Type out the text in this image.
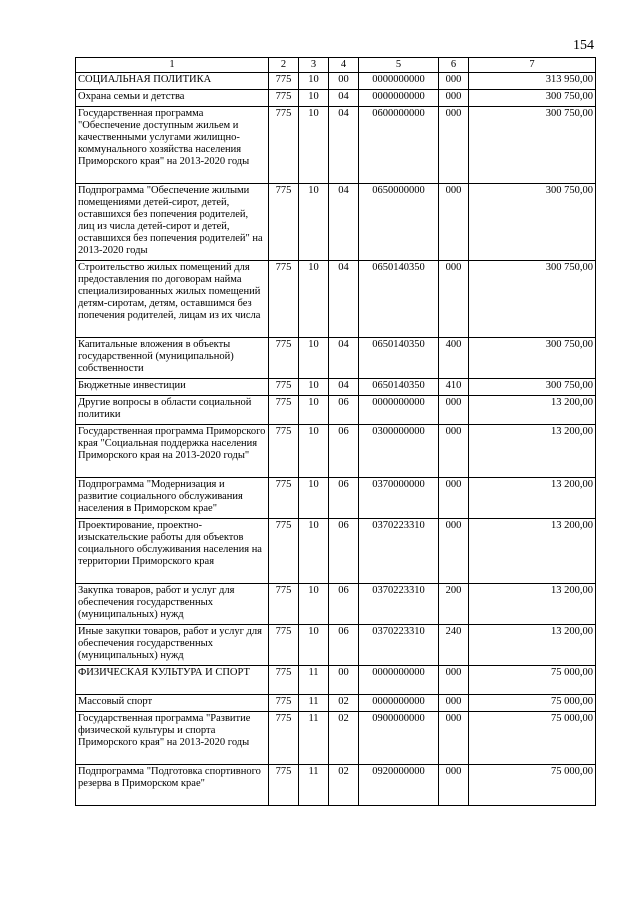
154
1	2	3	4	5	6	7
СОЦИАЛЬНАЯ ПОЛИТИКА	775	10	00	0000000000	000	313 950,00
Охрана семьи и детства	775	10	04	0000000000	000	300 750,00
Государственная программа "Обеспечение доступным жильем и качественными услугами жилищно-коммунального хозяйства населения Приморского края" на 2013-2020 годы	775	10	04	0600000000	000	300 750,00
Подпрограмма "Обеспечение жилыми помещениями детей-сирот, детей, оставшихся без попечения родителей, лиц из числа детей-сирот и детей, оставшихся без попечения родителей" на 2013-2020 годы	775	10	04	0650000000	000	300 750,00
Строительство жилых помещений для предоставления по договорам найма специализированных жилых помещений детям-сиротам, детям, оставшимся без попечения родителей, лицам из их числа	775	10	04	0650140350	000	300 750,00
Капитальные вложения в объекты государственной (муниципальной) собственности	775	10	04	0650140350	400	300 750,00
Бюджетные инвестиции	775	10	04	0650140350	410	300 750,00
Другие вопросы в области социальной политики	775	10	06	0000000000	000	13 200,00
Государственная программа Приморского края "Социальная поддержка населения Приморского края на 2013-2020 годы"	775	10	06	0300000000	000	13 200,00
Подпрограмма "Модернизация и развитие социального обслуживания населения в Приморском крае"	775	10	06	0370000000	000	13 200,00
Проектирование, проектно-изыскательские работы для объектов социального обслуживания населения на территории Приморского края	775	10	06	0370223310	000	13 200,00
Закупка товаров, работ и услуг для обеспечения государственных (муниципальных) нужд	775	10	06	0370223310	200	13 200,00
Иные закупки товаров, работ и услуг для обеспечения государственных (муниципальных) нужд	775	10	06	0370223310	240	13 200,00
ФИЗИЧЕСКАЯ КУЛЬТУРА И СПОРТ	775	11	00	0000000000	000	75 000,00
Массовый спорт	775	11	02	0000000000	000	75 000,00
Государственная программа "Развитие физической культуры и спорта Приморского края" на 2013-2020 годы	775	11	02	0900000000	000	75 000,00
Подпрограмма "Подготовка спортивного резерва в Приморском крае"	775	11	02	0920000000	000	75 000,00
